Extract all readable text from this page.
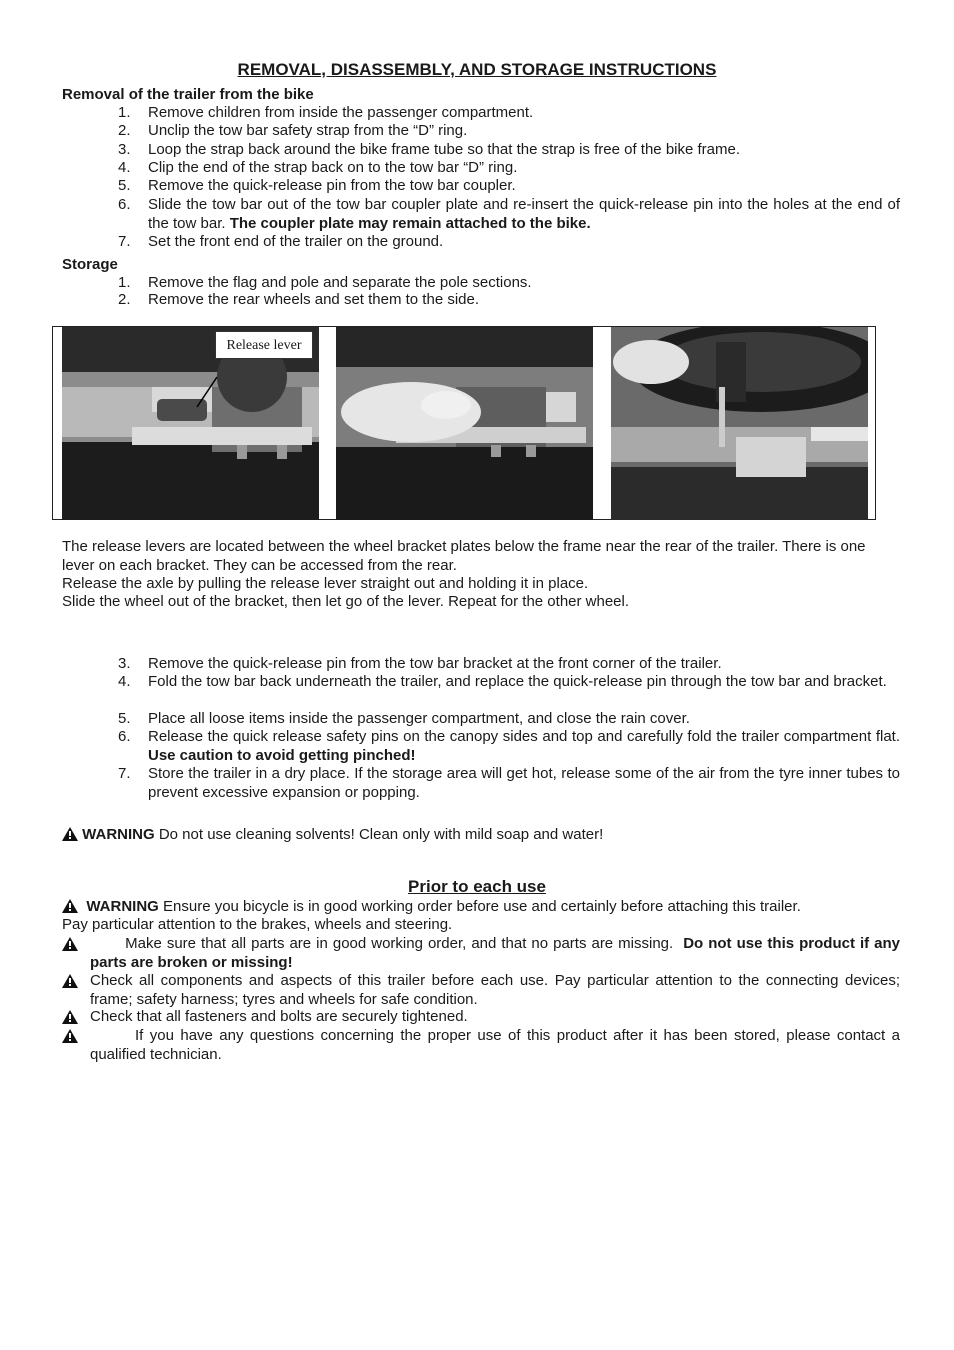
REMOVAL, DISASSEMBLY, AND STORAGE INSTRUCTIONS
Removal of the trailer from the bike
1.	Remove children from inside the passenger compartment.
2.	Unclip the tow bar safety strap from the “D” ring.
3.	Loop the strap back around the bike frame tube so that the strap is free of the bike frame.
4.	Clip the end of the strap back on to the tow bar “D” ring.
5.	Remove the quick-release pin from the tow bar coupler.
6.	Slide the tow bar out of the tow bar coupler plate and re-insert the quick-release pin into the holes at the end of the tow bar. The coupler plate may remain attached to the bike.
7.	Set the front end of the trailer on the ground.
Storage
1.	Remove the flag and pole and separate the pole sections.
2.	Remove the rear wheels and set them to the side.
Release lever
The release levers are located between the wheel bracket plates below the frame near the rear of the trailer. There is one lever on each bracket. They can be accessed from the rear.
Release the axle by pulling the release lever straight out and holding it in place.
Slide the wheel out of the bracket, then let go of the lever. Repeat for the other wheel.
3.	Remove the quick-release pin from the tow bar bracket at the front corner of the trailer.
4.	Fold the tow bar back underneath the trailer, and replace the quick-release pin through the tow bar and bracket.
5.	Place all loose items inside the passenger compartment, and close the rain cover.
6.	Release the quick release safety pins on the canopy sides and top and carefully fold the trailer compartment flat. Use caution to avoid getting pinched!
7.	Store the trailer in a dry place. If the storage area will get hot, release some of the air from the tyre inner tubes to prevent excessive expansion or popping.
WARNING Do not use cleaning solvents! Clean only with mild soap and water!
Prior to each use
WARNING Ensure you bicycle is in good working order before use and certainly before attaching this trailer.
Pay particular attention to the brakes, wheels and steering.
Make sure that all parts are in good working order, and that no parts are missing.  Do not use this product if any parts are broken or missing!
Check all components and aspects of this trailer before each use. Pay particular attention to the connecting devices; frame; safety harness; tyres and wheels for safe condition.
Check that all fasteners and bolts are securely tightened.
If you have any questions concerning the proper use of this product after it has been stored, please contact a qualified technician.
